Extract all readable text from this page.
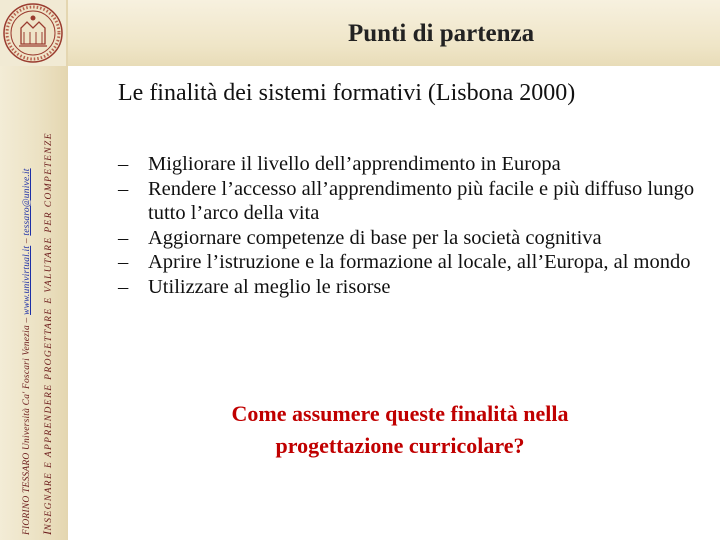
FIORINO TESSARO Università Ca' Foscari Venezia – www.univirtual.it – tessaro@unive.it
INSEGNARE E APPRENDERE PROGETTARE E VALUTARE PER COMPETENZE
Punti di partenza
Le finalità dei sistemi formativi (Lisbona 2000)
– Migliorare il livello dell’apprendimento in Europa
– Rendere l’accesso all’apprendimento più facile e più diffuso lungo tutto l’arco della vita
– Aggiornare competenze di base per la società cognitiva
– Aprire l’istruzione e la formazione al locale, all’Europa, al mondo
– Utilizzare al meglio le risorse
Come assumere queste finalità nella progettazione curricolare?
